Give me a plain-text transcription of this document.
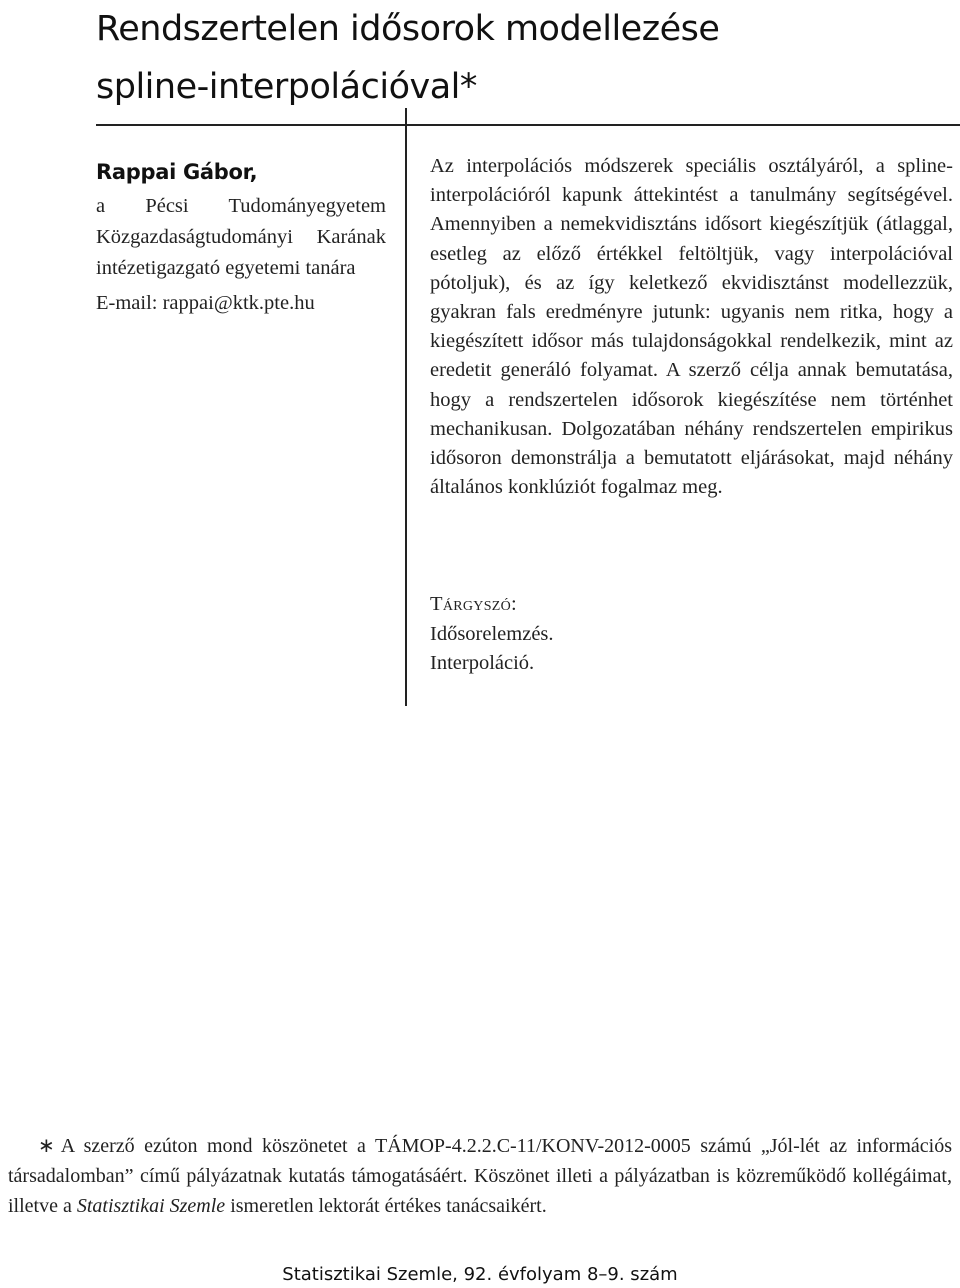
Rendszertelen idősorok modellezése
spline-interpolációval*
Rappai Gábor,
a Pécsi Tudományegyetem Közgazdaságtudományi Karának intézetigazgató egyetemi tanára
E-mail: rappai@ktk.pte.hu
Az interpolációs módszerek speciális osztályáról, a spline-interpolációról kapunk áttekintést a tanulmány segítségével. Amennyiben a nemekvidisztáns idősort kiegészítjük (átlaggal, esetleg az előző értékkel feltöltjük, vagy interpolációval pótoljuk), és az így keletkező ekvidisztánst modellezzük, gyakran fals eredményre jutunk: ugyanis nem ritka, hogy a kiegészített idősor más tulajdonságokkal rendelkezik, mint az eredetit generáló folyamat. A szerző célja annak bemutatása, hogy a rendszertelen idősorok kiegészítése nem történhet mechanikusan. Dolgozatában néhány rendszertelen empirikus idősoron demonstrálja a bemutatott eljárásokat, majd néhány általános konklúziót fogalmaz meg.
Tárgyszó:
Idősorelemzés.
Interpoláció.
∗ A szerző ezúton mond köszönetet a TÁMOP-4.2.2.C-11/KONV-2012-0005 számú „Jól-lét az információs társadalomban” című pályázatnak kutatás támogatásáért. Köszönet illeti a pályázatban is közreműködő kollégáimat, illetve a Statisztikai Szemle ismeretlen lektorát értékes tanácsaikért.
Statisztikai Szemle, 92. évfolyam 8–9. szám
